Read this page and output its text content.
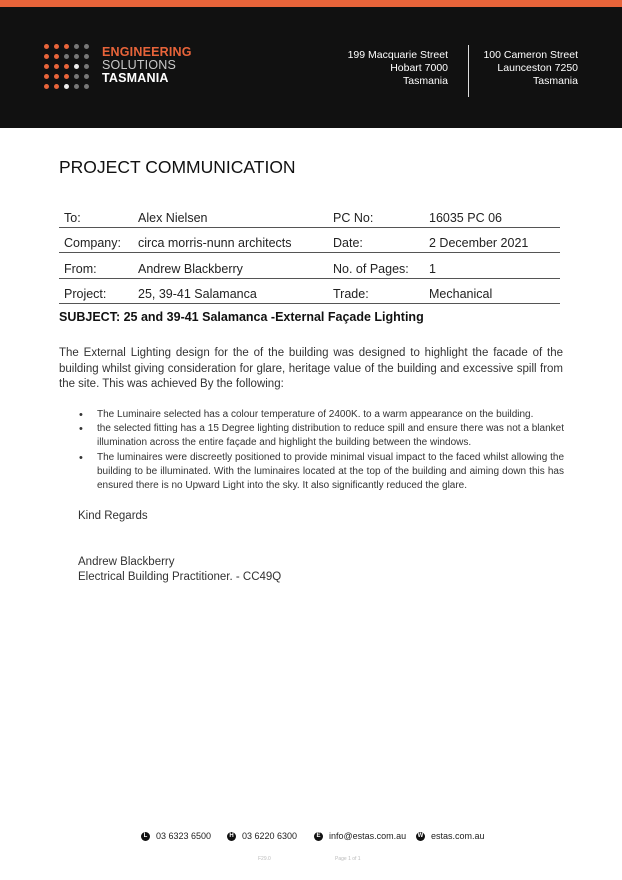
ENGINEERING
SOLUTIONS
TASMANIA
199 Macquarie Street
Hobart 7000
Tasmania
100 Cameron Street
Launceston 7250
Tasmania
PROJECT COMMUNICATION
To:	Alex Nielsen	PC No:	16035 PC 06
Company:	circa morris-nunn architects	Date:	2 December 2021
From:	Andrew Blackberry	No. of Pages:	1
Project:	25, 39-41 Salamanca	Trade:	Mechanical
SUBJECT: 25 and 39-41 Salamanca -External Façade Lighting
The External Lighting design for the of the building was designed to highlight the facade of the building whilst giving consideration for glare, heritage value of the building and excessive spill from the site. This was achieved By the following:
• The Luminaire selected has a colour temperature of 2400K. to a warm appearance on the building.
• the selected fitting has a 15 Degree lighting distribution to reduce spill and ensure there was not a blanket illumination across the entire façade and highlight the building between the windows.
• The luminaires were discreetly positioned to provide minimal visual impact to the faced whilst allowing the building to be illuminated. With the luminaires located at the top of the building and aiming down this has ensured there is no Upward Light into the sky. It also significantly reduced the glare.
Kind Regards
Andrew Blackberry
Electrical Building Practitioner. - CC49Q
L 03 6323 6500	H 03 6220 6300	E info@estas.com.au W estas.com.au
F29.0	Page 1 of 1
